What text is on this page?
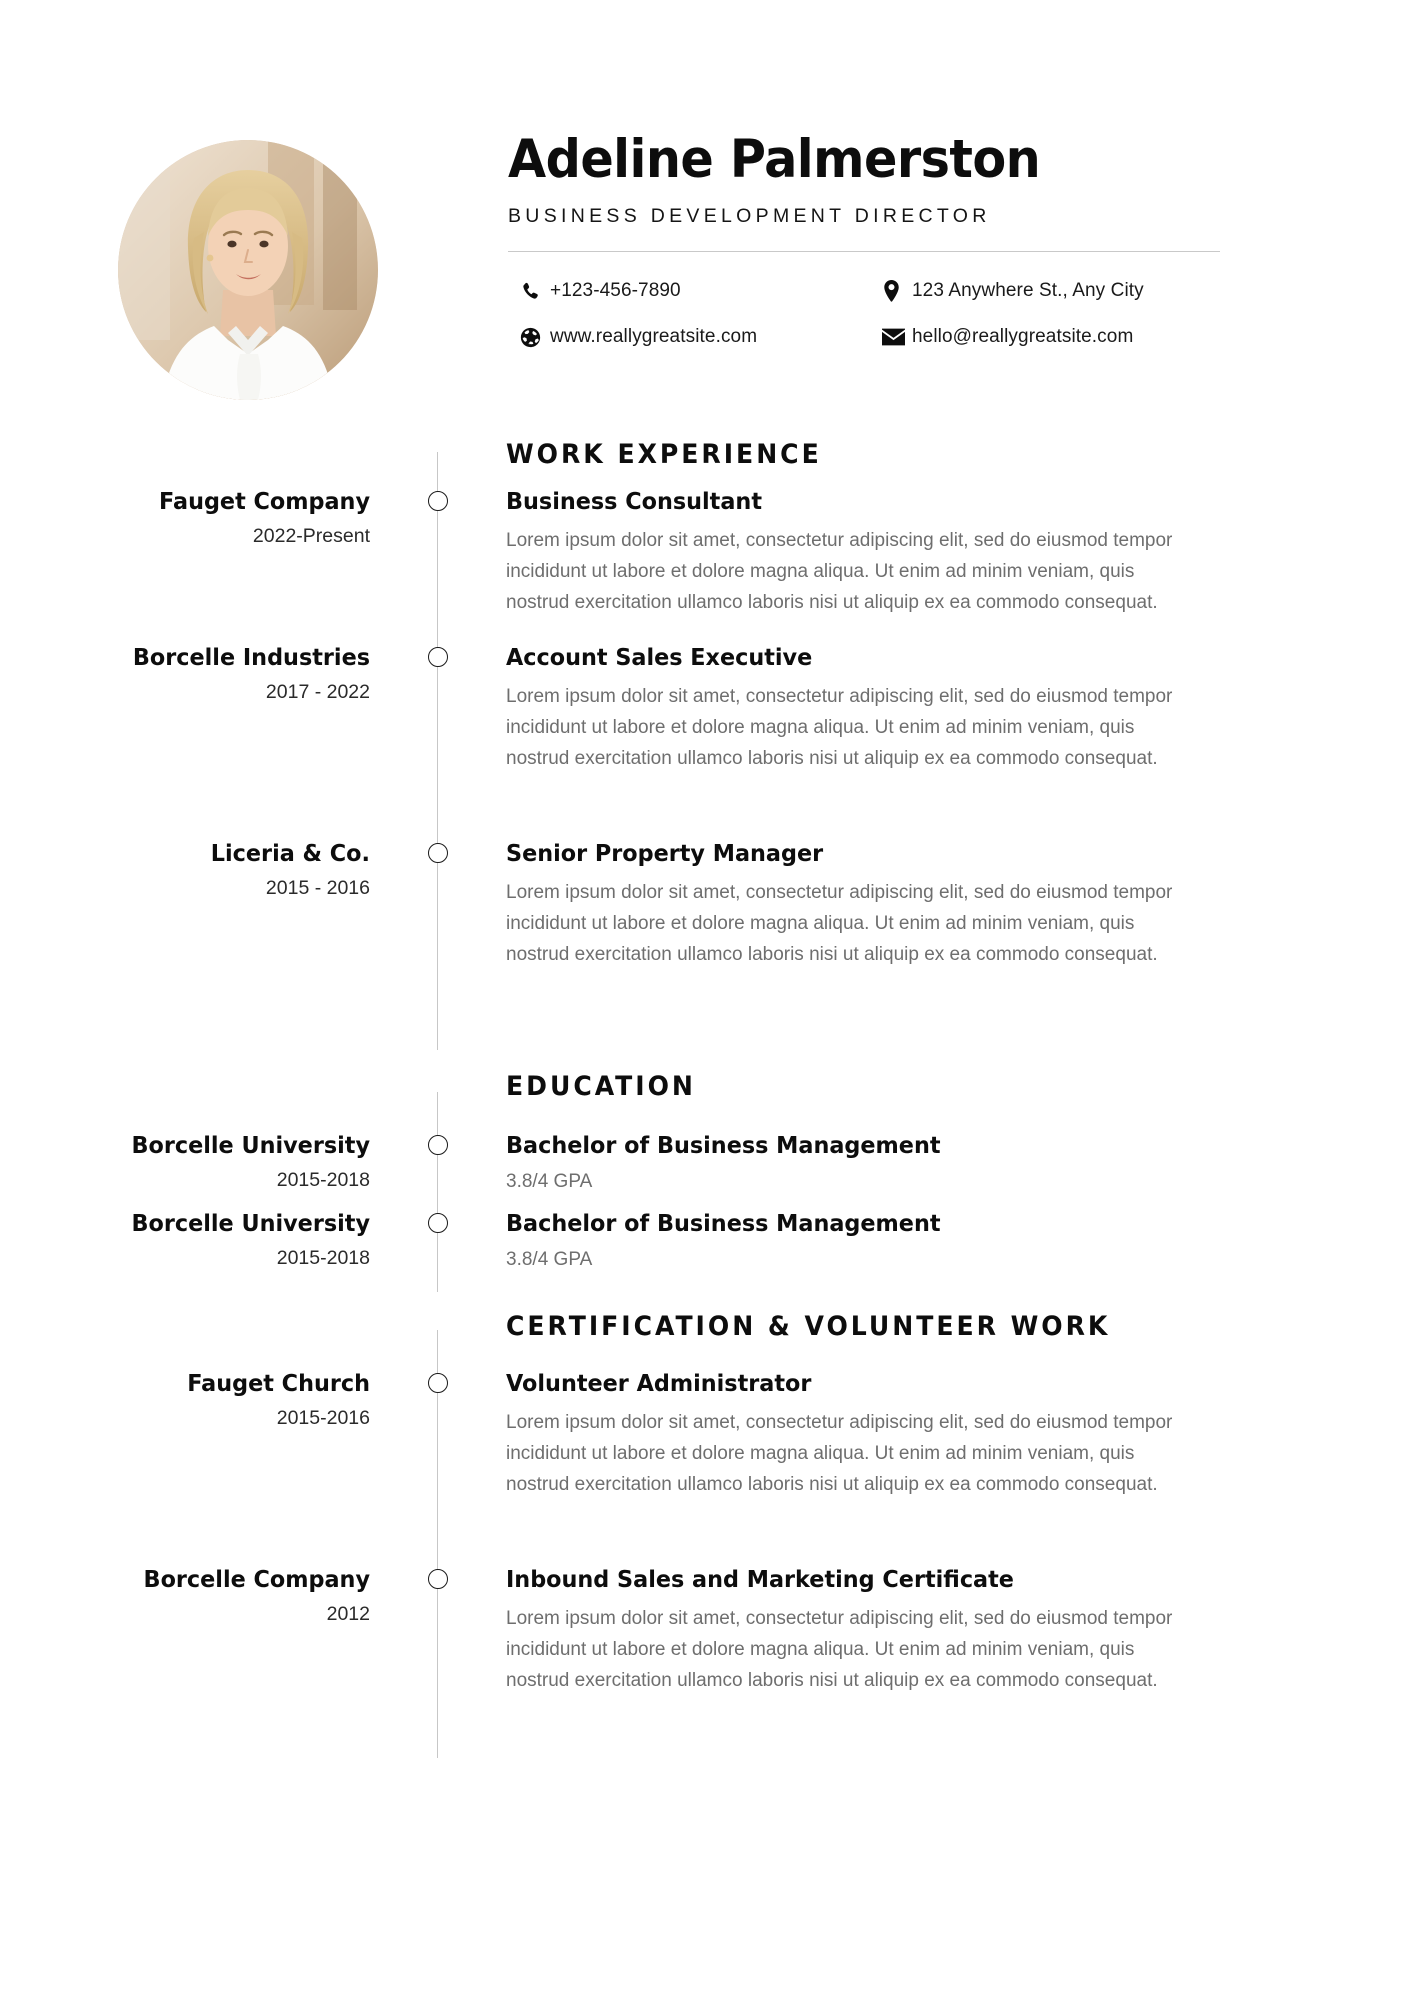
Adeline Palmerston
BUSINESS DEVELOPMENT DIRECTOR
+123-456-7890	123 Anywhere St., Any City
www.reallygreatsite.com	hello@reallygreatsite.com
WORK EXPERIENCE
Fauget Company
2022-Present
Business Consultant
Lorem ipsum dolor sit amet, consectetur adipiscing elit, sed do eiusmod tempor incididunt ut labore et dolore magna aliqua. Ut enim ad minim veniam, quis nostrud exercitation ullamco laboris nisi ut aliquip ex ea commodo consequat.
Borcelle Industries
2017 - 2022
Account Sales Executive
Lorem ipsum dolor sit amet, consectetur adipiscing elit, sed do eiusmod tempor incididunt ut labore et dolore magna aliqua. Ut enim ad minim veniam, quis nostrud exercitation ullamco laboris nisi ut aliquip ex ea commodo consequat.
Liceria & Co.
2015 - 2016
Senior Property Manager
Lorem ipsum dolor sit amet, consectetur adipiscing elit, sed do eiusmod tempor incididunt ut labore et dolore magna aliqua. Ut enim ad minim veniam, quis nostrud exercitation ullamco laboris nisi ut aliquip ex ea commodo consequat.
EDUCATION
Borcelle University
2015-2018
Bachelor of Business Management
3.8/4 GPA
Borcelle University
2015-2018
Bachelor of Business Management
3.8/4 GPA
CERTIFICATION & VOLUNTEER WORK
Fauget Church
2015-2016
Volunteer Administrator
Lorem ipsum dolor sit amet, consectetur adipiscing elit, sed do eiusmod tempor incididunt ut labore et dolore magna aliqua. Ut enim ad minim veniam, quis nostrud exercitation ullamco laboris nisi ut aliquip ex ea commodo consequat.
Borcelle Company
2012
Inbound Sales and Marketing Certificate
Lorem ipsum dolor sit amet, consectetur adipiscing elit, sed do eiusmod tempor incididunt ut labore et dolore magna aliqua. Ut enim ad minim veniam, quis nostrud exercitation ullamco laboris nisi ut aliquip ex ea commodo consequat.
